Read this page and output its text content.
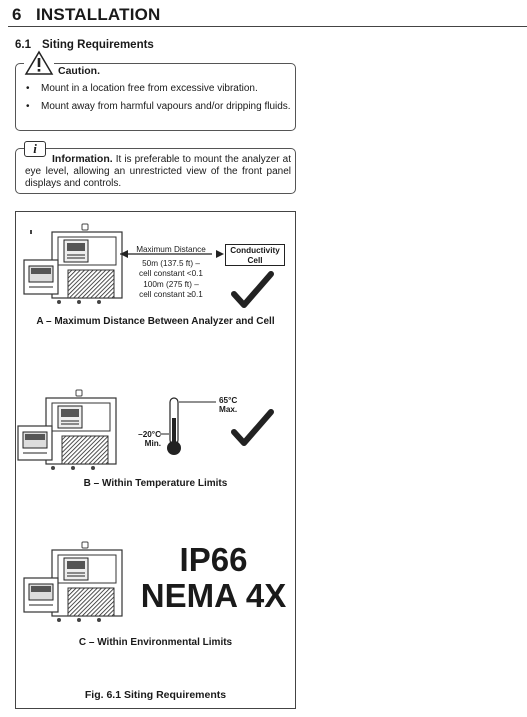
6 INSTALLATION
6.1 Siting Requirements
Caution.
• Mount in a location free from excessive vibration.
• Mount away from harmful vapours and/or dripping fluids.
i

Information. It is preferable to mount the analyzer at eye level, allowing an unrestricted view of the front panel displays and controls.

Maximum Distance
50m (137.5 ft) –
cell constant <0.1
100m (275 ft) –
cell constant ≥0.1
Conductivity
Cell
A – Maximum Distance Between Analyzer and Cell
65°C
Max.
–20°C
Min.
B – Within Temperature Limits
IP66
NEMA 4X
C – Within Environmental Limits
Fig. 6.1 Siting Requirements
